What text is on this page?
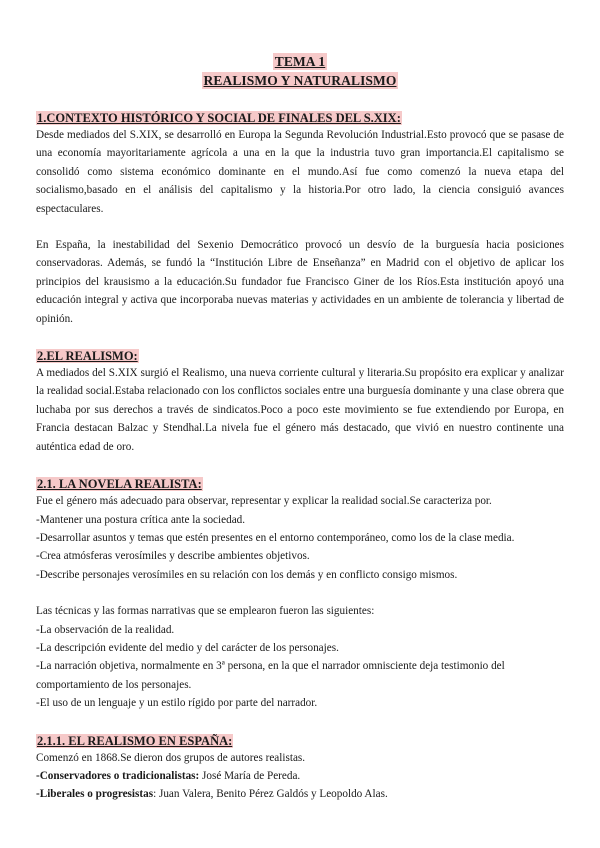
TEMA 1
REALISMO Y NATURALISMO
1.CONTEXTO HISTÓRICO Y SOCIAL DE FINALES DEL S.XIX:

Desde mediados del S.XIX, se desarrolló en Europa la Segunda Revolución Industrial.Esto provocó que se pasase de una economía mayoritariamente agrícola a una en la que la industria tuvo gran importancia.El capitalismo se consolidó como sistema económico dominante en el mundo.Así fue como comenzó la nueva etapa del socialismo,basado en el análisis del capitalismo y la historia.Por otro lado, la ciencia consiguió avances espectaculares.

En España, la inestabilidad del Sexenio Democrático provocó un desvío de la burguesía hacia posiciones conservadoras. Además, se fundó la “Institución Libre de Enseñanza” en Madrid con el objetivo de aplicar los principios del krausismo a la educación.Su fundador fue Francisco Giner de los Ríos.Esta institución apoyó una educación integral y activa que incorporaba nuevas materias y actividades en un ambiente de tolerancia y libertad de opinión.

2.EL REALISMO:

A mediados del S.XIX surgió el Realismo, una nueva corriente cultural y literaria.Su propósito era explicar y analizar la realidad social.Estaba relacionado con los conflictos sociales entre una burguesía dominante y una clase obrera que luchaba por sus derechos a través de sindicatos.Poco a poco este movimiento se fue extendiendo por Europa, en Francia destacan Balzac y Stendhal.La nivela fue el género más destacado, que vivió en nuestro continente una auténtica edad de oro.

2.1. LA NOVELA REALISTA:
Fue el género más adecuado para observar, representar y explicar la realidad social.Se caracteriza por.
-Mantener una postura crítica ante la sociedad.
-Desarrollar asuntos y temas que estén presentes en el entorno contemporáneo, como los de la clase media.
-Crea atmósferas verosímiles y describe ambientes objetivos.
-Describe personajes verosímiles en su relación con los demás y en conflicto consigo mismos.
Las técnicas y las formas narrativas que se emplearon fueron las siguientes:
-La observación de la realidad.
-La descripción evidente del medio y del carácter de los personajes.
-La narración objetiva, normalmente en 3ª persona, en la que el narrador omnisciente deja testimonio del
comportamiento de los personajes.
-El uso de un lenguaje y un estilo rígido por parte del narrador.
2.1.1. EL REALISMO EN ESPAÑA:
Comenzó en 1868.Se dieron dos grupos de autores realistas.
-Conservadores o tradicionalistas: José María de Pereda.
-Liberales o progresistas: Juan Valera, Benito Pérez Galdós y Leopoldo Alas.
